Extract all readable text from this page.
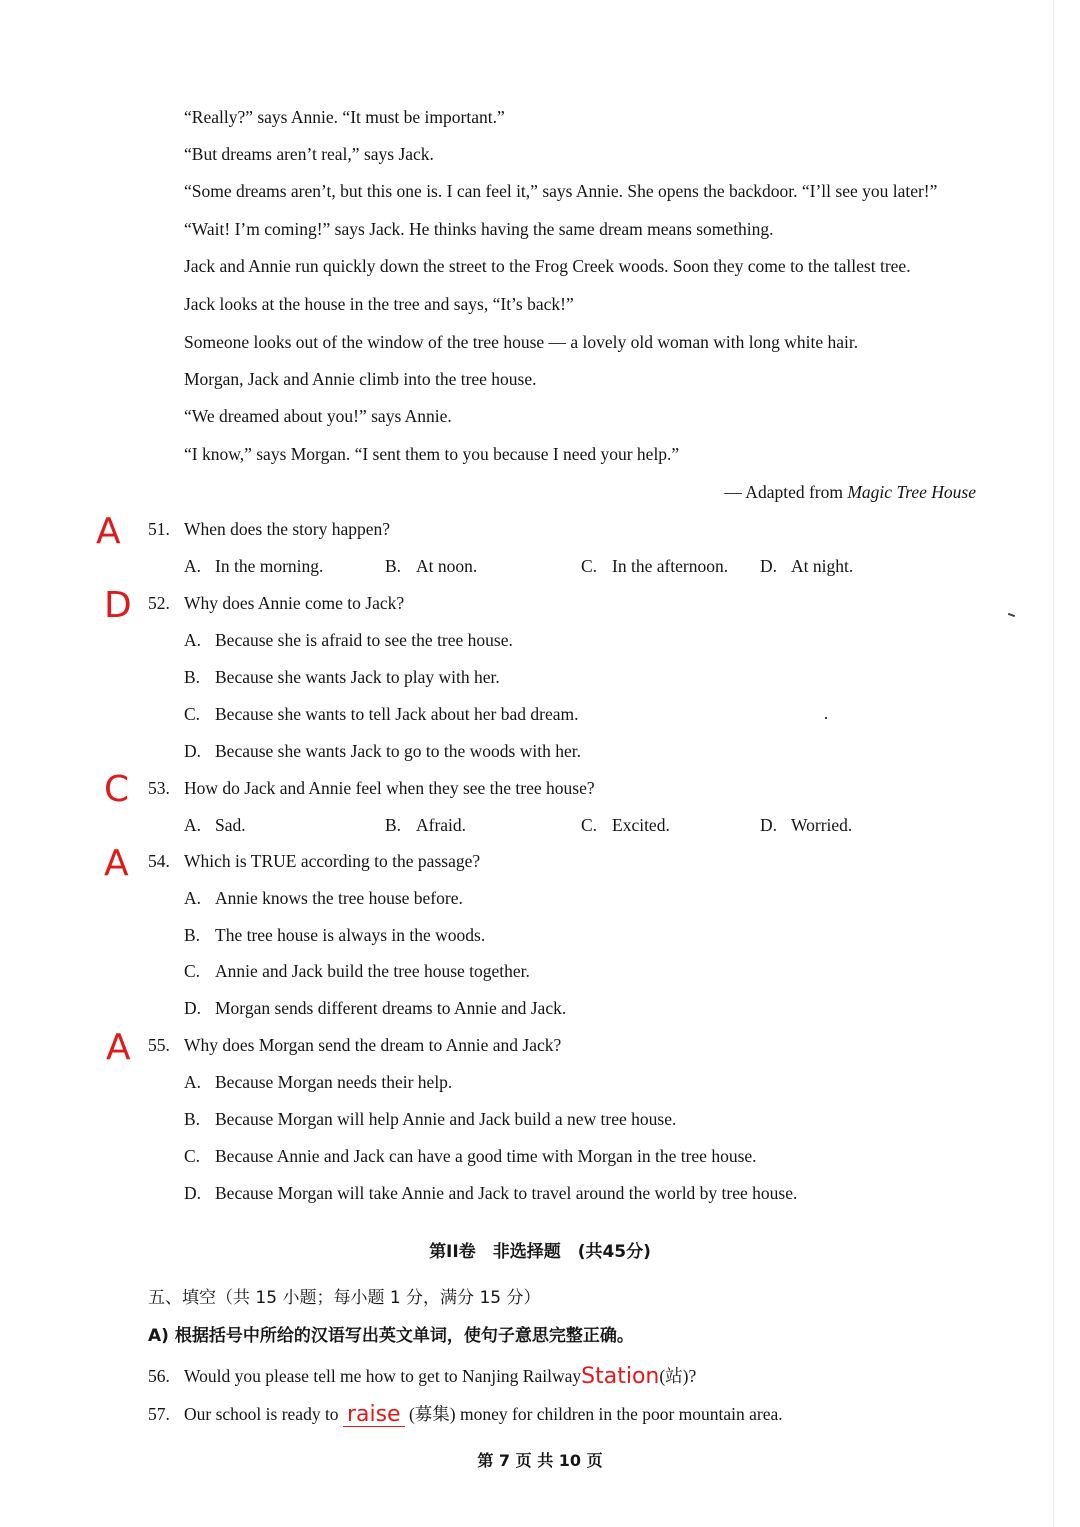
“Really?” says Annie. “It must be important.”
“But dreams aren’t real,” says Jack.
“Some dreams aren’t, but this one is. I can feel it,” says Annie. She opens the backdoor. “I’ll see you later!”
“Wait! I’m coming!” says Jack. He thinks having the same dream means something.
Jack and Annie run quickly down the street to the Frog Creek woods. Soon they come to the tallest tree.
Jack looks at the house in the tree and says, “It’s back!”
Someone looks out of the window of the tree house — a lovely old woman with long white hair.
Morgan, Jack and Annie climb into the tree house.
“We dreamed about you!” says Annie.
“I know,” says Morgan. “I sent them to you because I need your help.”
— Adapted from Magic Tree House
A 51. When does the story happen?
A. In the morning.	B. At noon.	C. In the afternoon. D. At night.
D 52. Why does Annie come to Jack?
A. Because she is afraid to see the tree house.
B. Because she wants Jack to play with her.
C. Because she wants to tell Jack about her bad dream.
D. Because she wants Jack to go to the woods with her.
C 53. How do Jack and Annie feel when they see the tree house?
A. Sad.	B. Afraid.	C. Excited.	D. Worried.
A 54. Which is TRUE according to the passage?
A. Annie knows the tree house before.
B. The tree house is always in the woods.
C. Annie and Jack build the tree house together.
D. Morgan sends different dreams to Annie and Jack.
A 55. Why does Morgan send the dream to Annie and Jack?
A. Because Morgan needs their help.
B. Because Morgan will help Annie and Jack build a new tree house.
C. Because Annie and Jack can have a good time with Morgan in the tree house.
D. Because Morgan will take Annie and Jack to travel around the world by tree house.
第II卷　非选择题　(共45分)
五、填空（共 15 小题；每小题 1 分，满分 15 分）
A) 根据括号中所给的汉语写出英文单词，使句子意思完整正确。
56. Would you please tell me how to get to Nanjing RailwayStation(站)?
57. Our school is ready to raise (募集) money for children in the poor mountain area.
第 7 页 共 10 页
